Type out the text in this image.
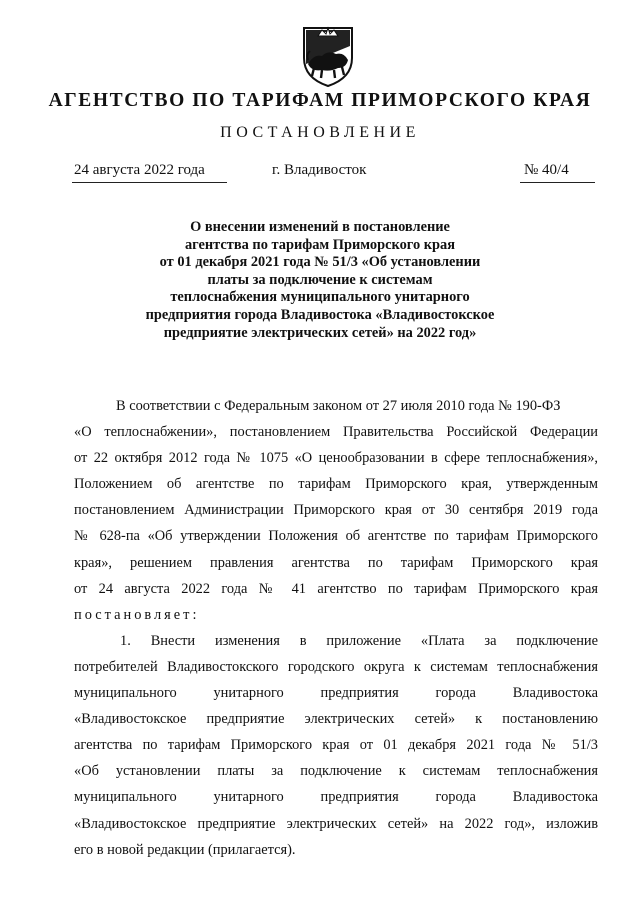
АГЕНТСТВО ПО ТАРИФАМ ПРИМОРСКОГО КРАЯ
ПОСТАНОВЛЕНИЕ
24 августа 2022 года	г. Владивосток	№ 40/4
О внесении изменений в постановление
агентства по тарифам Приморского края
от 01 декабря 2021 года № 51/3 «Об установлении
платы за подключение к системам
теплоснабжения муниципального унитарного
предприятия города Владивостока «Владивостокское
предприятие электрических сетей» на 2022 год»
В соответствии с Федеральным законом от 27 июля 2010 года № 190-ФЗ
«О теплоснабжении», постановлением Правительства Российской Федерации
от 22 октября 2012 года № 1075 «О ценообразовании в сфере теплоснабжения»,
Положением об агентстве по тарифам Приморского края, утвержденным
постановлением Администрации Приморского края от 30 сентября 2019 года
№ 628-па «Об утверждении Положения об агентстве по тарифам Приморского
края», решением правления агентства по тарифам Приморского края
от 24 августа 2022 года № 41 агентство по тарифам Приморского края
постановляет:
1. Внести изменения в приложение «Плата за подключение
потребителей Владивостокского городского округа к системам теплоснабжения
муниципального унитарного предприятия города Владивостока
«Владивостокское предприятие электрических сетей» к постановлению
агентства по тарифам Приморского края от 01 декабря 2021 года № 51/3
«Об установлении платы за подключение к системам теплоснабжения
муниципального унитарного предприятия города Владивостока
«Владивостокское предприятие электрических сетей» на 2022 год», изложив
его в новой редакции (прилагается).
